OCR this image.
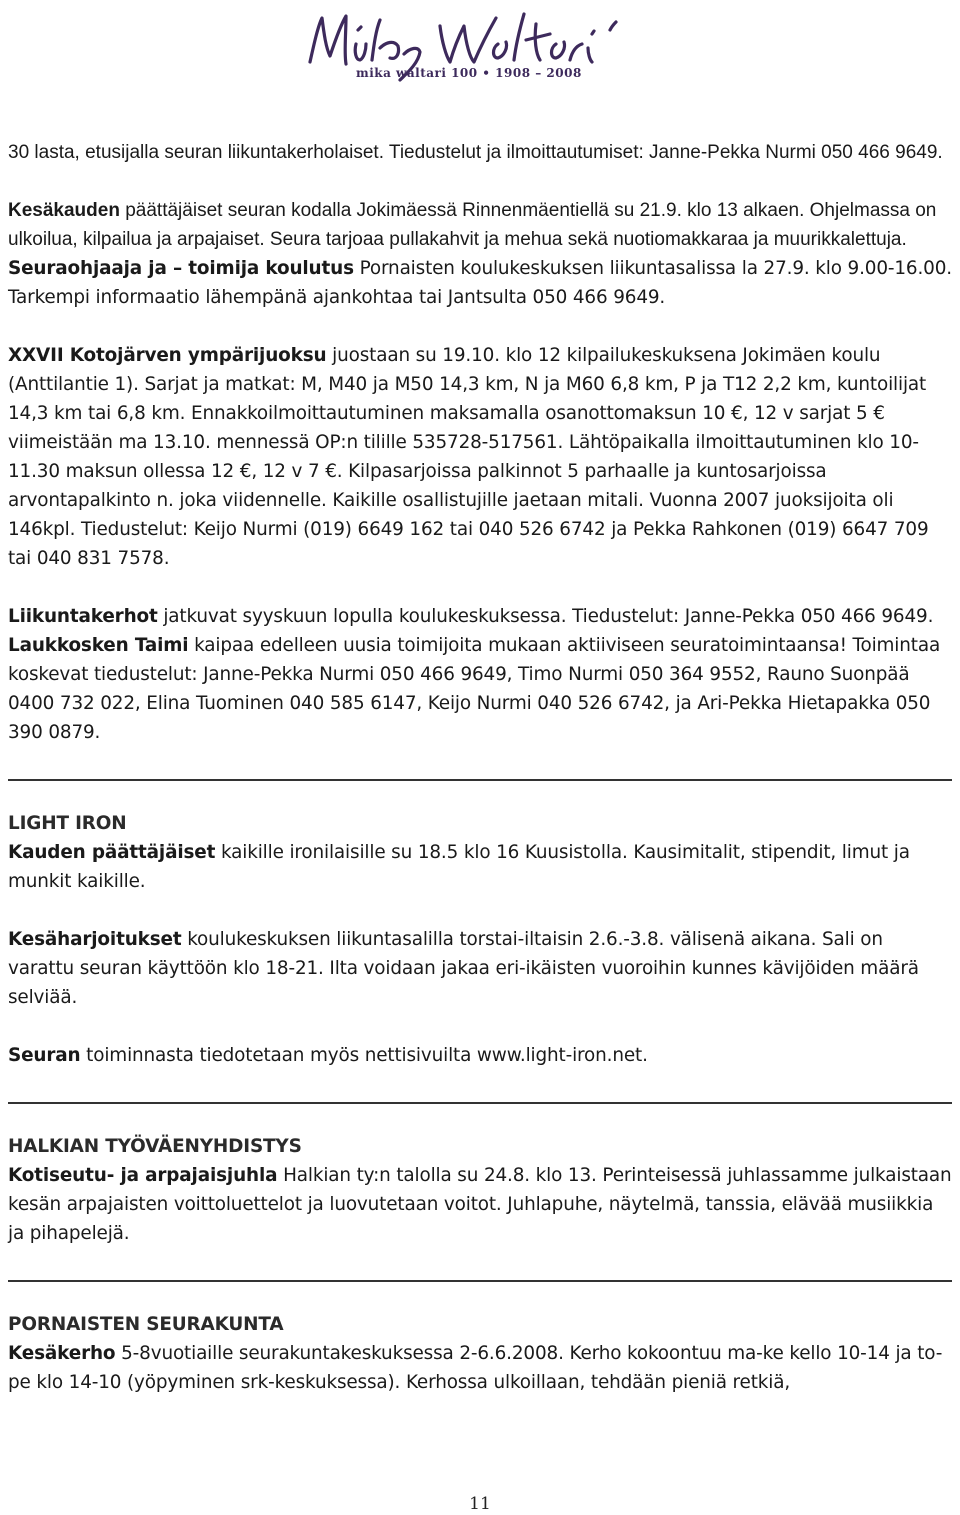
mika waltari 100 • 1908 – 2008

30 lasta, etusijalla seuran liikuntakerholaiset. Tiedustelut ja ilmoittautumiset: Janne-Pekka Nurmi 050 466 9649.

Kesäkauden päättäjäiset seuran kodalla Jokimäessä Rinnenmäentiellä su 21.9. klo 13 alkaen. Ohjelmassa on ulkoilua, kilpailua ja arpajaiset. Seura tarjoaa pullakahvit ja mehua sekä nuotiomakkaraa ja muurikkalettuja.

Seuraohjaaja ja – toimija koulutus Pornaisten koulukeskuksen liikuntasalissa la 27.9. klo 9.00-16.00. Tarkempi informaatio lähempänä ajankohtaa tai Jantsulta 050 466 9649.

XXVII Kotojärven ympärijuoksu juostaan su 19.10. klo 12 kilpailukeskuksena Jokimäen koulu (Anttilantie 1). Sarjat ja matkat: M, M40 ja M50 14,3 km, N ja M60 6,8 km, P ja T12 2,2 km, kuntoilijat 14,3 km tai 6,8 km. Ennakkoilmoittautuminen maksamalla osanottomaksun 10 €, 12 v sarjat 5 € viimeistään ma 13.10. mennessä OP:n tilille 535728-517561. Lähtöpaikalla ilmoittautuminen klo 10-11.30 maksun ollessa 12 €, 12 v 7 €. Kilpasarjoissa palkinnot 5 parhaalle ja kuntosarjoissa arvontapalkinto n. joka viidennelle. Kaikille osallistujille jaetaan mitali. Vuonna 2007 juoksijoita oli 146kpl. Tiedustelut: Keijo Nurmi (019) 6649 162 tai 040 526 6742 ja Pekka Rahkonen (019) 6647 709 tai 040 831 7578.

Liikuntakerhot jatkuvat syyskuun lopulla koulukeskuksessa. Tiedustelut: Janne-Pekka 050 466 9649. Laukkosken Taimi kaipaa edelleen uusia toimijoita mukaan aktiiviseen seuratoimintaansa! Toimintaa koskevat tiedustelut: Janne-Pekka Nurmi 050 466 9649, Timo Nurmi 050 364 9552, Rauno Suonpää 0400 732 022, Elina Tuominen 040 585 6147, Keijo Nurmi 040 526 6742, ja Ari-Pekka Hietapakka 050 390 0879.

LIGHT IRON

Kauden päättäjäiset kaikille ironilaisille su 18.5 klo 16 Kuusistolla. Kausimitalit, stipendit, limut ja munkit kaikille.

Kesäharjoitukset koulukeskuksen liikuntasalilla torstai-iltaisin 2.6.-3.8. välisenä aikana. Sali on varattu seuran käyttöön klo 18-21. Ilta voidaan jakaa eri-ikäisten vuoroihin kunnes kävijöiden määrä selviää.

Seuran toiminnasta tiedotetaan myös nettisivuilta www.light-iron.net.

HALKIAN TYÖVÄENYHDISTYS

Kotiseutu- ja arpajaisjuhla Halkian ty:n talolla su 24.8. klo 13. Perinteisessä juhlassamme julkaistaan kesän arpajaisten voittoluettelot ja luovutetaan voitot. Juhlapuhe, näytelmä, tanssia, elävää musiikkia ja pihapelejä.

PORNAISTEN SEURAKUNTA

Kesäkerho 5-8vuotiaille seurakuntakeskuksessa 2-6.6.2008. Kerho kokoontuu ma-ke kello 10-14 ja to-pe klo 14-10 (yöpyminen srk-keskuksessa). Kerhossa ulkoillaan, tehdään pieniä retkiä,

11
